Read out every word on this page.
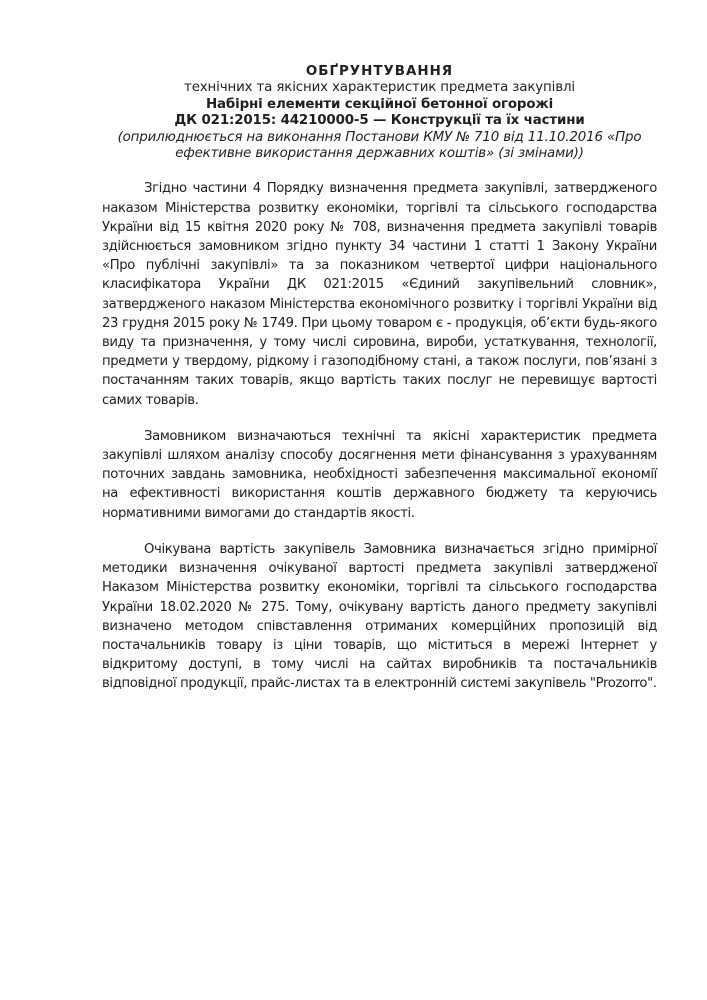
ОБҐРУНТУВАННЯ
технічних та якісних характеристик предмета закупівлі
Набірні елементи секційної бетонної огорожі
ДК 021:2015: 44210000-5 — Конструкції та їх частини
(оприлюднюється на виконання Постанови КМУ № 710 від 11.10.2016 «Про ефективне використання державних коштів» (зі змінами))

Згідно частини 4 Порядку визначення предмета закупівлі, затвердженого наказом Міністерства розвитку економіки, торгівлі та сільського господарства України від 15 квітня 2020 року № 708, визначення предмета закупівлі товарів здійснюється замовником згідно пункту 34 частини 1 статті 1 Закону України «Про публічні закупівлі» та за показником четвертої цифри національного класифікатора України ДК 021:2015 «Єдиний закупівельний словник», затвердженого наказом Міністерства економічного розвитку і торгівлі України від 23 грудня 2015 року № 1749. При цьому товаром є - продукція, об’єкти будь-якого виду та призначення, у тому числі сировина, вироби, устаткування, технології, предмети у твердому, рідкому і газоподібному стані, а також послуги, пов’язані з постачанням таких товарів, якщо вартість таких послуг не перевищує вартості самих товарів.

Замовником визначаються технічні та якісні характеристик предмета закупівлі шляхом аналізу способу досягнення мети фінансування з урахуванням поточних завдань замовника, необхідності забезпечення максимальної економії на ефективності використання коштів державного бюджету та керуючись нормативними вимогами до стандартів якості.

Очікувана вартість закупівель Замовника визначається згідно примірної методики визначення очікуваної вартості предмета закупівлі затвердженої Наказом Міністерства розвитку економіки, торгівлі та сільського господарства України 18.02.2020 № 275. Тому, очікувану вартість даного предмету закупівлі визначено методом співставлення отриманих комерційних пропозицій від постачальників товару із ціни товарів, що міститься в мережі Інтернет у відкритому доступі, в тому числі на сайтах виробників та постачальників відповідної продукції, прайс-листах та в електронній системі закупівель "Prozorro".
